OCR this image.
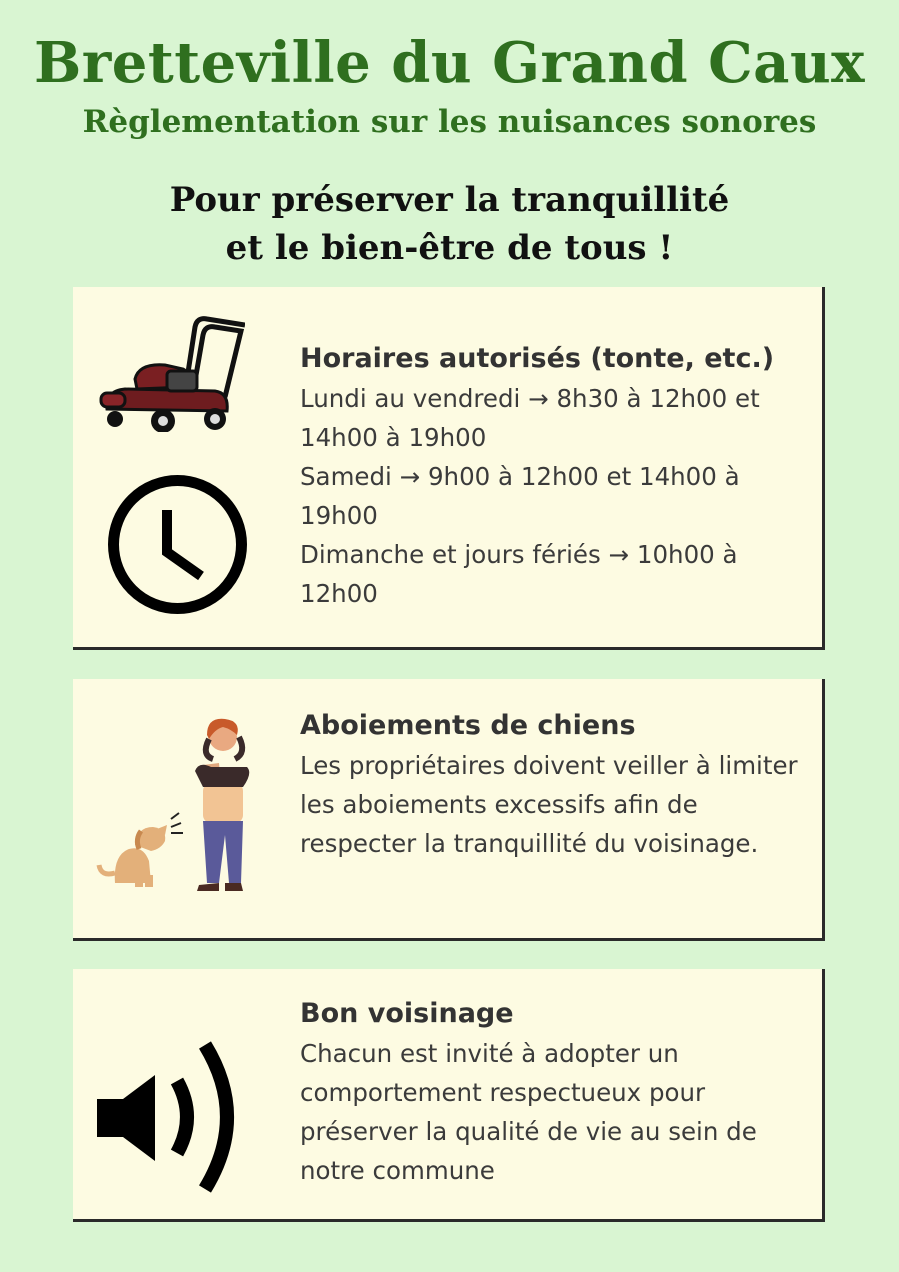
Bretteville du Grand Caux
Règlementation sur les nuisances sonores
Pour préserver la tranquillité
et le bien-être de tous !
Horaires autorisés (tonte, etc.)
Lundi au vendredi → 8h30 à 12h00 et 14h00 à 19h00
Samedi → 9h00 à 12h00 et 14h00 à 19h00
Dimanche et jours fériés → 10h00 à 12h00
Aboiements de chiens
Les propriétaires doivent veiller à limiter les aboiements excessifs afin de respecter la tranquillité du voisinage.
Bon voisinage
Chacun est invité à adopter un comportement respectueux pour préserver la qualité de vie au sein de notre commune
